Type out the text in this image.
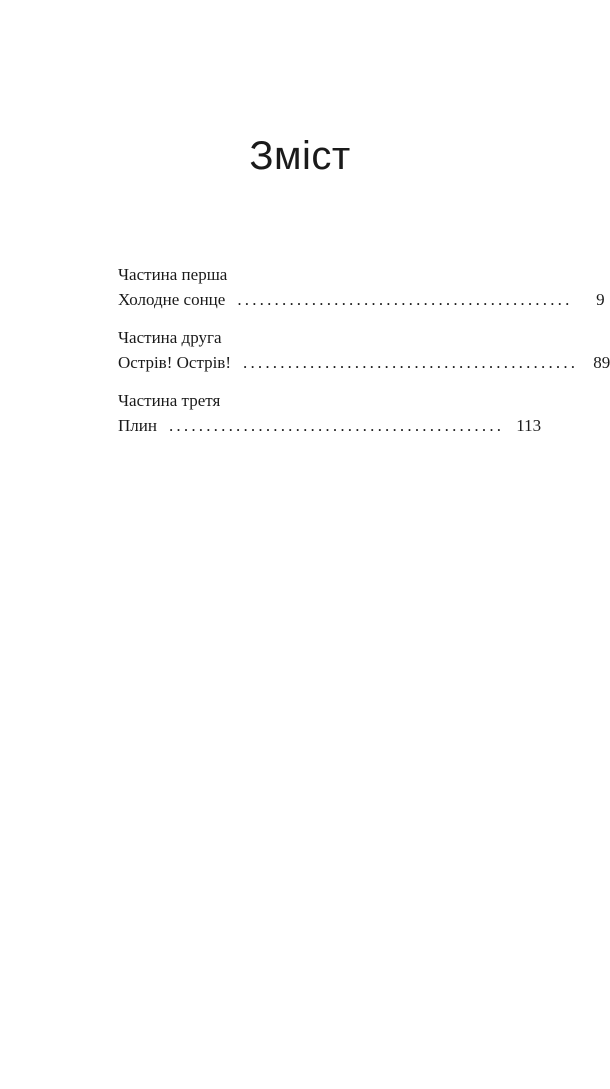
Зміст
Частина перша
Холодне сонце .............................................	9
Частина друга
Острів! Острів! ............................................. 89
Частина третя
Плин ............................................. 113
